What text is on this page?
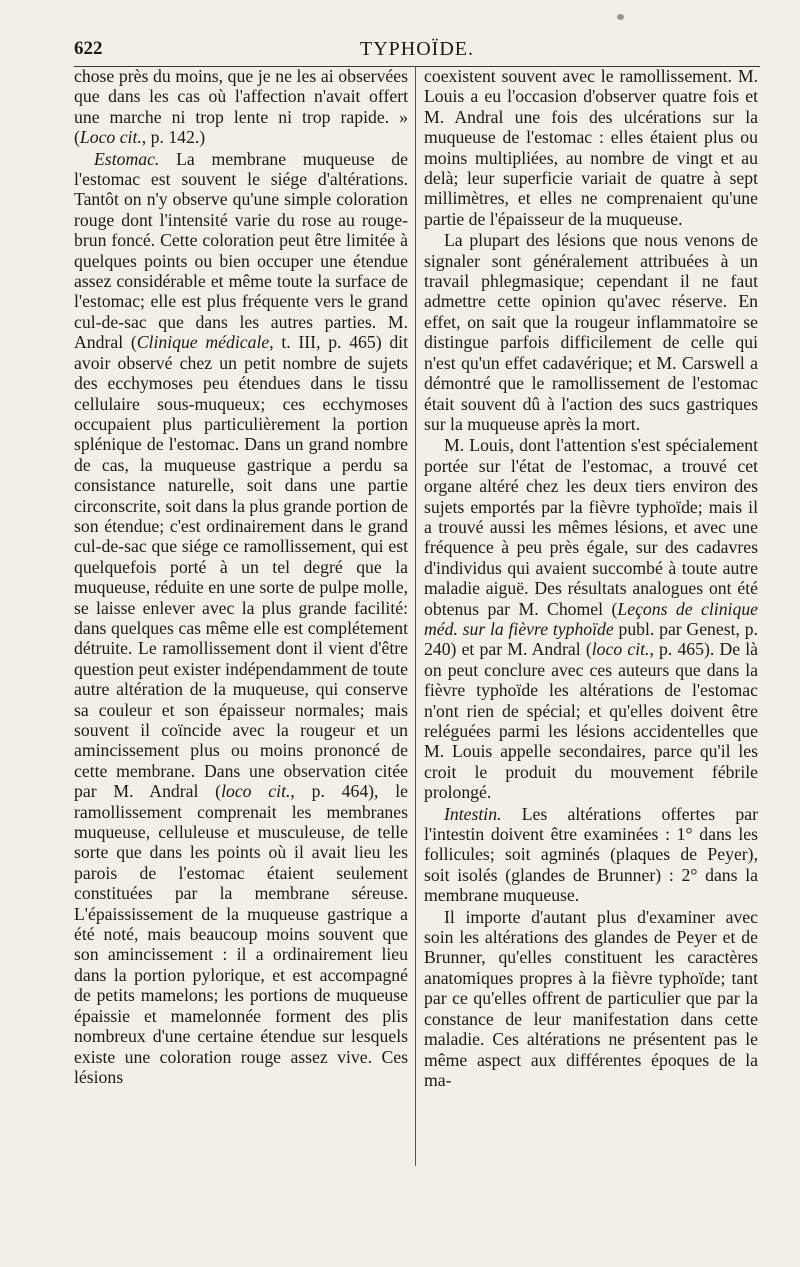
622	TYPHOÏDE.

chose près du moins, que je ne les ai observées que dans les cas où l'affection n'avait offert une marche ni trop lente ni trop rapide. » (Loco cit., p. 142.)

Estomac. La membrane muqueuse de l'estomac est souvent le siége d'altérations. Tantôt on n'y observe qu'une simple coloration rouge dont l'intensité varie du rose au rouge-brun foncé. Cette coloration peut être limitée à quelques points ou bien occuper une étendue assez considérable et même toute la surface de l'estomac; elle est plus fréquente vers le grand cul-de-sac que dans les autres parties. M. Andral (Clinique médicale, t. III, p. 465) dit avoir observé chez un petit nombre de sujets des ecchymoses peu étendues dans le tissu cellulaire sous-muqueux; ces ecchymoses occupaient plus particulièrement la portion splénique de l'estomac. Dans un grand nombre de cas, la muqueuse gastrique a perdu sa consistance naturelle, soit dans une partie circonscrite, soit dans la plus grande portion de son étendue; c'est ordinairement dans le grand cul-de-sac que siége ce ramollissement, qui est quelquefois porté à un tel degré que la muqueuse, réduite en une sorte de pulpe molle, se laisse enlever avec la plus grande facilité: dans quelques cas même elle est complétement détruite. Le ramollissement dont il vient d'être question peut exister indépendamment de toute autre altération de la muqueuse, qui conserve sa couleur et son épaisseur normales; mais souvent il coïncide avec la rougeur et un amincissement plus ou moins prononcé de cette membrane. Dans une observation citée par M. Andral (loco cit., p. 464), le ramollissement comprenait les membranes muqueuse, celluleuse et musculeuse, de telle sorte que dans les points où il avait lieu les parois de l'estomac étaient seulement constituées par la membrane séreuse. L'épaississement de la muqueuse gastrique a été noté, mais beaucoup moins souvent que son amincissement : il a ordinairement lieu dans la portion pylorique, et est accompagné de petits mamelons; les portions de muqueuse épaissie et mamelonnée forment des plis nombreux d'une certaine étendue sur lesquels existe une coloration rouge assez vive. Ces lésions

coexistent souvent avec le ramollissement. M. Louis a eu l'occasion d'observer quatre fois et M. Andral une fois des ulcérations sur la muqueuse de l'estomac : elles étaient plus ou moins multipliées, au nombre de vingt et au delà; leur superficie variait de quatre à sept millimètres, et elles ne comprenaient qu'une partie de l'épaisseur de la muqueuse.

La plupart des lésions que nous venons de signaler sont généralement attribuées à un travail phlegmasique; cependant il ne faut admettre cette opinion qu'avec réserve. En effet, on sait que la rougeur inflammatoire se distingue parfois difficilement de celle qui n'est qu'un effet cadavérique; et M. Carswell a démontré que le ramollissement de l'estomac était souvent dû à l'action des sucs gastriques sur la muqueuse après la mort.

M. Louis, dont l'attention s'est spécialement portée sur l'état de l'estomac, a trouvé cet organe altéré chez les deux tiers environ des sujets emportés par la fièvre typhoïde; mais il a trouvé aussi les mêmes lésions, et avec une fréquence à peu près égale, sur des cadavres d'individus qui avaient succombé à toute autre maladie aiguë. Des résultats analogues ont été obtenus par M. Chomel (Leçons de clinique méd. sur la fièvre typhoïde publ. par Genest, p. 240) et par M. Andral (loco cit., p. 465). De là on peut conclure avec ces auteurs que dans la fièvre typhoïde les altérations de l'estomac n'ont rien de spécial; et qu'elles doivent être reléguées parmi les lésions accidentelles que M. Louis appelle secondaires, parce qu'il les croit le produit du mouvement fébrile prolongé.

Intestin. Les altérations offertes par l'intestin doivent être examinées : 1° dans les follicules; soit agminés (plaques de Peyer), soit isolés (glandes de Brunner) : 2° dans la membrane muqueuse.

Il importe d'autant plus d'examiner avec soin les altérations des glandes de Peyer et de Brunner, qu'elles constituent les caractères anatomiques propres à la fièvre typhoïde; tant par ce qu'elles offrent de particulier que par la constance de leur manifestation dans cette maladie. Ces altérations ne présentent pas le même aspect aux différentes époques de la ma-
